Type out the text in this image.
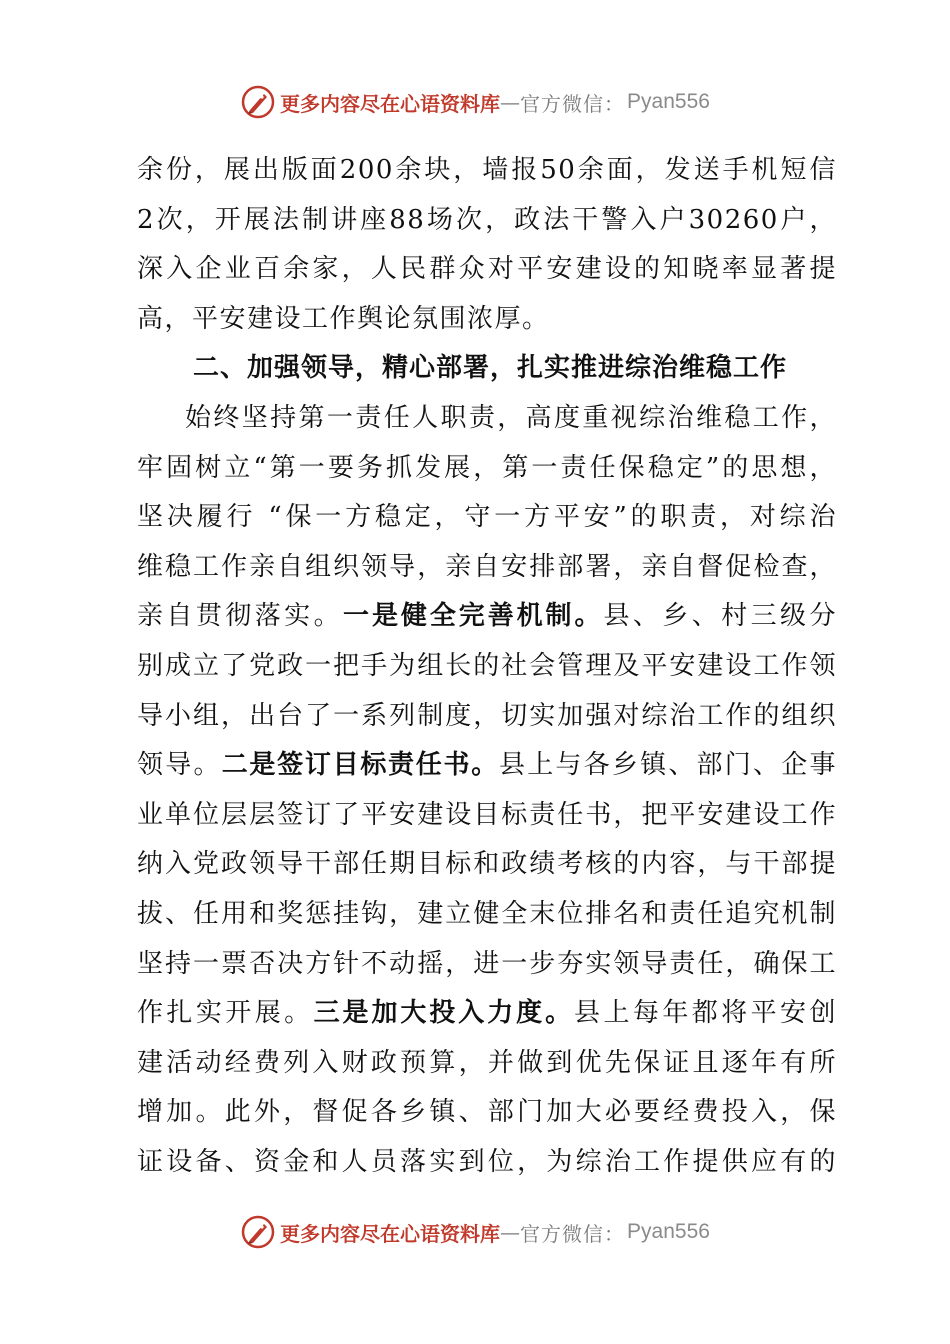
更多内容尽在心语资料库 — 官方微信： Pyan556
余份，展出版面200余块，墙报50余面，发送手机短信
2次，开展法制讲座88场次，政法干警入户30260户，
深入企业百余家，人民群众对平安建设的知晓率显著提
高，平安建设工作舆论氛围浓厚。
二、加强领导，精心部署，扎实推进综治维稳工作
始终坚持第一责任人职责，高度重视综治维稳工作，
牢固树立“第一要务抓发展，第一责任保稳定”的思想，
坚决履行 “保一方稳定，守一方平安”的职责，对综治
维稳工作亲自组织领导，亲自安排部署，亲自督促检查，
亲自贯彻落实。一是健全完善机制。县、乡、村三级分
别成立了党政一把手为组长的社会管理及平安建设工作领
导小组，出台了一系列制度，切实加强对综治工作的组织
领导。二是签订目标责任书。县上与各乡镇、部门、企事
业单位层层签订了平安建设目标责任书，把平安建设工作
纳入党政领导干部任期目标和政绩考核的内容，与干部提
拔、任用和奖惩挂钩，建立健全末位排名和责任追究机制
坚持一票否决方针不动摇，进一步夯实领导责任，确保工
作扎实开展。三是加大投入力度。县上每年都将平安创
建活动经费列入财政预算，并做到优先保证且逐年有所
增加。此外，督促各乡镇、部门加大必要经费投入，保
证设备、资金和人员落实到位，为综治工作提供应有的
更多内容尽在心语资料库 — 官方微信： Pyan556
